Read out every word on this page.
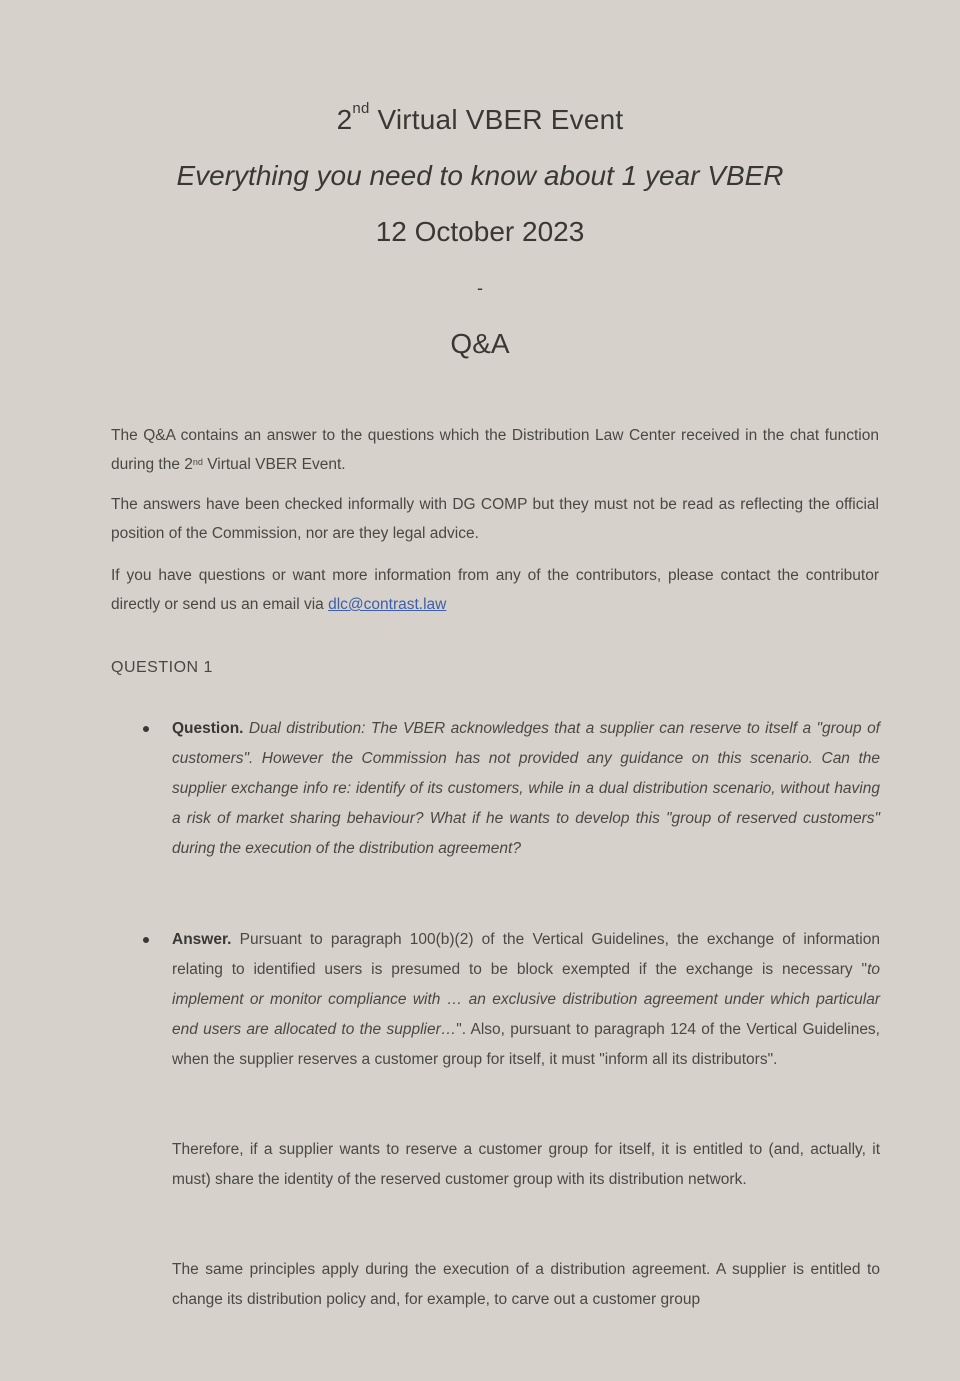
2nd Virtual VBER Event
Everything you need to know about 1 year VBER
12 October 2023
-
Q&A

The Q&A contains an answer to the questions which the Distribution Law Center received in the chat function during the 2nd Virtual VBER Event.

The answers have been checked informally with DG COMP but they must not be read as reflecting the official position of the Commission, nor are they legal advice.

If you have questions or want more information from any of the contributors, please contact the contributor directly or send us an email via dlc@contrast.law

QUESTION 1
Question. Dual distribution: The VBER acknowledges that a supplier can reserve to itself a "group of customers". However the Commission has not provided any guidance on this scenario. Can the supplier exchange info re: identify of its customers, while in a dual distribution scenario, without having a risk of market sharing behaviour? What if he wants to develop this "group of reserved customers" during the execution of the distribution agreement?
Answer. Pursuant to paragraph 100(b)(2) of the Vertical Guidelines, the exchange of information relating to identified users is presumed to be block exempted if the exchange is necessary "to implement or monitor compliance with … an exclusive distribution agreement under which particular end users are allocated to the supplier…". Also, pursuant to paragraph 124 of the Vertical Guidelines, when the supplier reserves a customer group for itself, it must "inform all its distributors".

Therefore, if a supplier wants to reserve a customer group for itself, it is entitled to (and, actually, it must) share the identity of the reserved customer group with its distribution network.

The same principles apply during the execution of a distribution agreement. A supplier is entitled to change its distribution policy and, for example, to carve out a customer group
